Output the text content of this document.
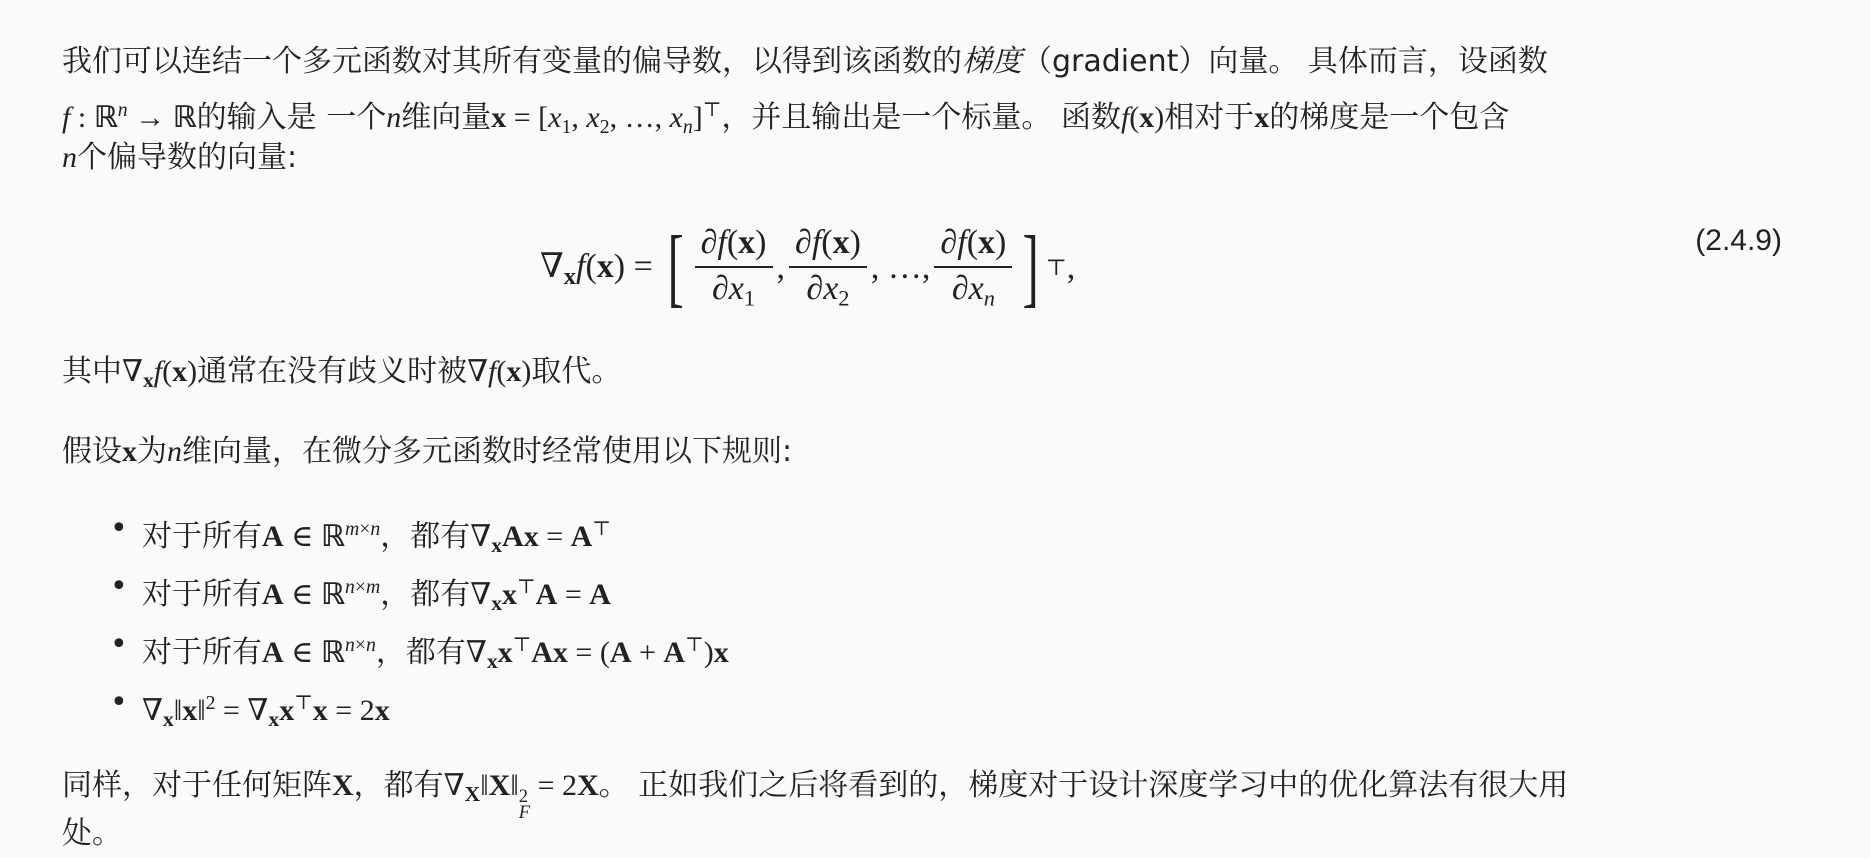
我们可以连结一个多元函数对其所有变量的偏导数，以得到该函数的梯度（gradient）向量。 具体而言，设函数
f : ℝ$^n$ → ℝ的输入是 一个n维向量$x = [x_1$, $x_2$, …, $x_n]^⊤$，并且输出是一个标量。 函数f(x)相对于x的梯度是一个包含
n个偏导数的向量:
$\nabla_xf(x)$ = [ $\frac{\partial f(x)}{\partial x_1}$ , $\frac{\partial f(x)}{\partial x_2}$ , …, $\frac{\partial f(x)}{\partial x_n}$ ] ⊤ ,
(2.4.9)
其中$\nabla_xf(x)$通常在没有歧义时被∇f(x)取代。
假设x为n维向量，在微分多元函数时经常使用以下规则:
• 对于所有A ∈ ℝ$^{m\times n}$，都有$\nabla_xAx = A^⊤$
• 对于所有A ∈ ℝ$^{n\times m}$，都有$\nabla_xx^⊤A = A$
• 对于所有A ∈ ℝ$^{n\times n}$，都有$\nabla_xx^⊤Ax = (A + A^⊤)x$
• $\nabla_x‖x‖^2 = \nabla_xx^⊤x = 2x$
同样，对于任何矩阵X，都有$\nabla_X‖X‖$ 2
F
= 2X。 正如我们之后将看到的，梯度对于设计深度学习中的优化算法有很大用
处。
